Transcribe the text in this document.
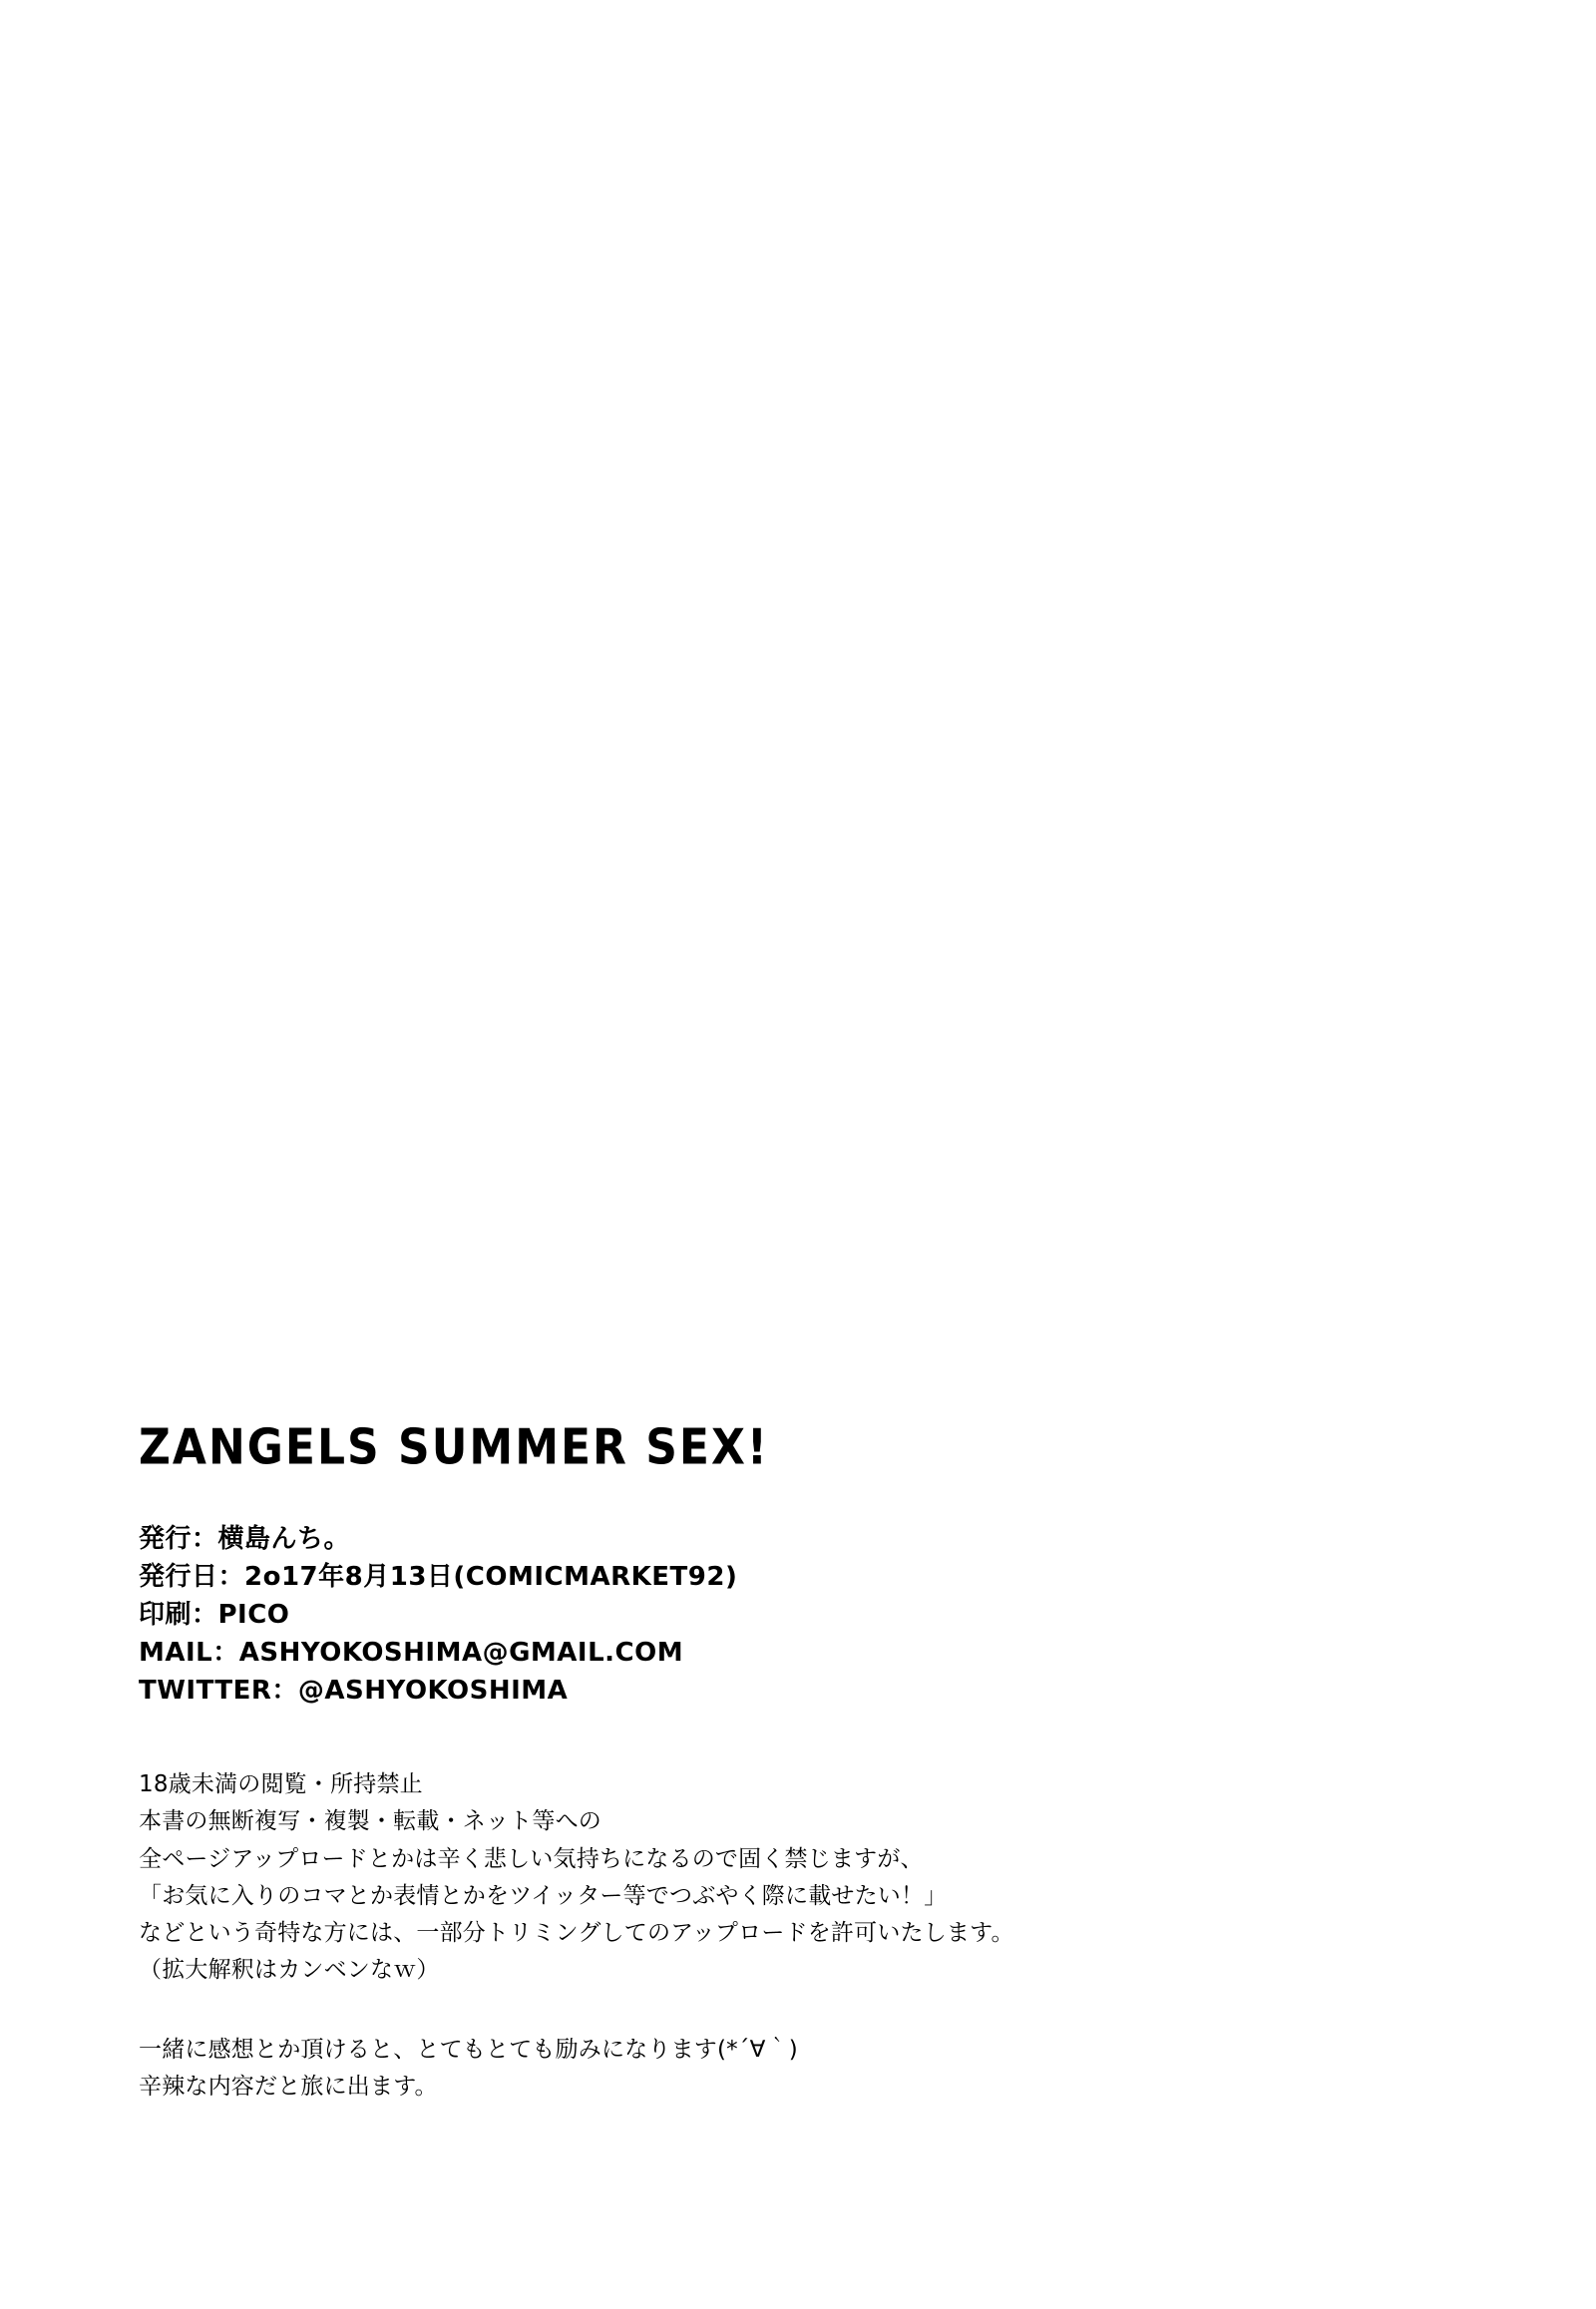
ZANGELS SUMMER SEX!
発行：横島んち。
発行日：2o17年8月13日(COMICMARKET92)
印刷：PICO
MAIL：ASHYOKOSHIMA@GMAIL.COM
TWITTER：@ASHYOKOSHIMA
18歳未満の閲覧・所持禁止
本書の無断複写・複製・転載・ネット等への
全ページアップロードとかは辛く悲しい気持ちになるので固く禁じますが、
「お気に入りのコマとか表情とかをツイッター等でつぶやく際に載せたい！」
などという奇特な方には、一部分トリミングしてのアップロードを許可いたします。
（拡大解釈はカンベンなｗ）
一緒に感想とか頂けると、とてもとても励みになります(*´∀｀)
辛辣な内容だと旅に出ます。
